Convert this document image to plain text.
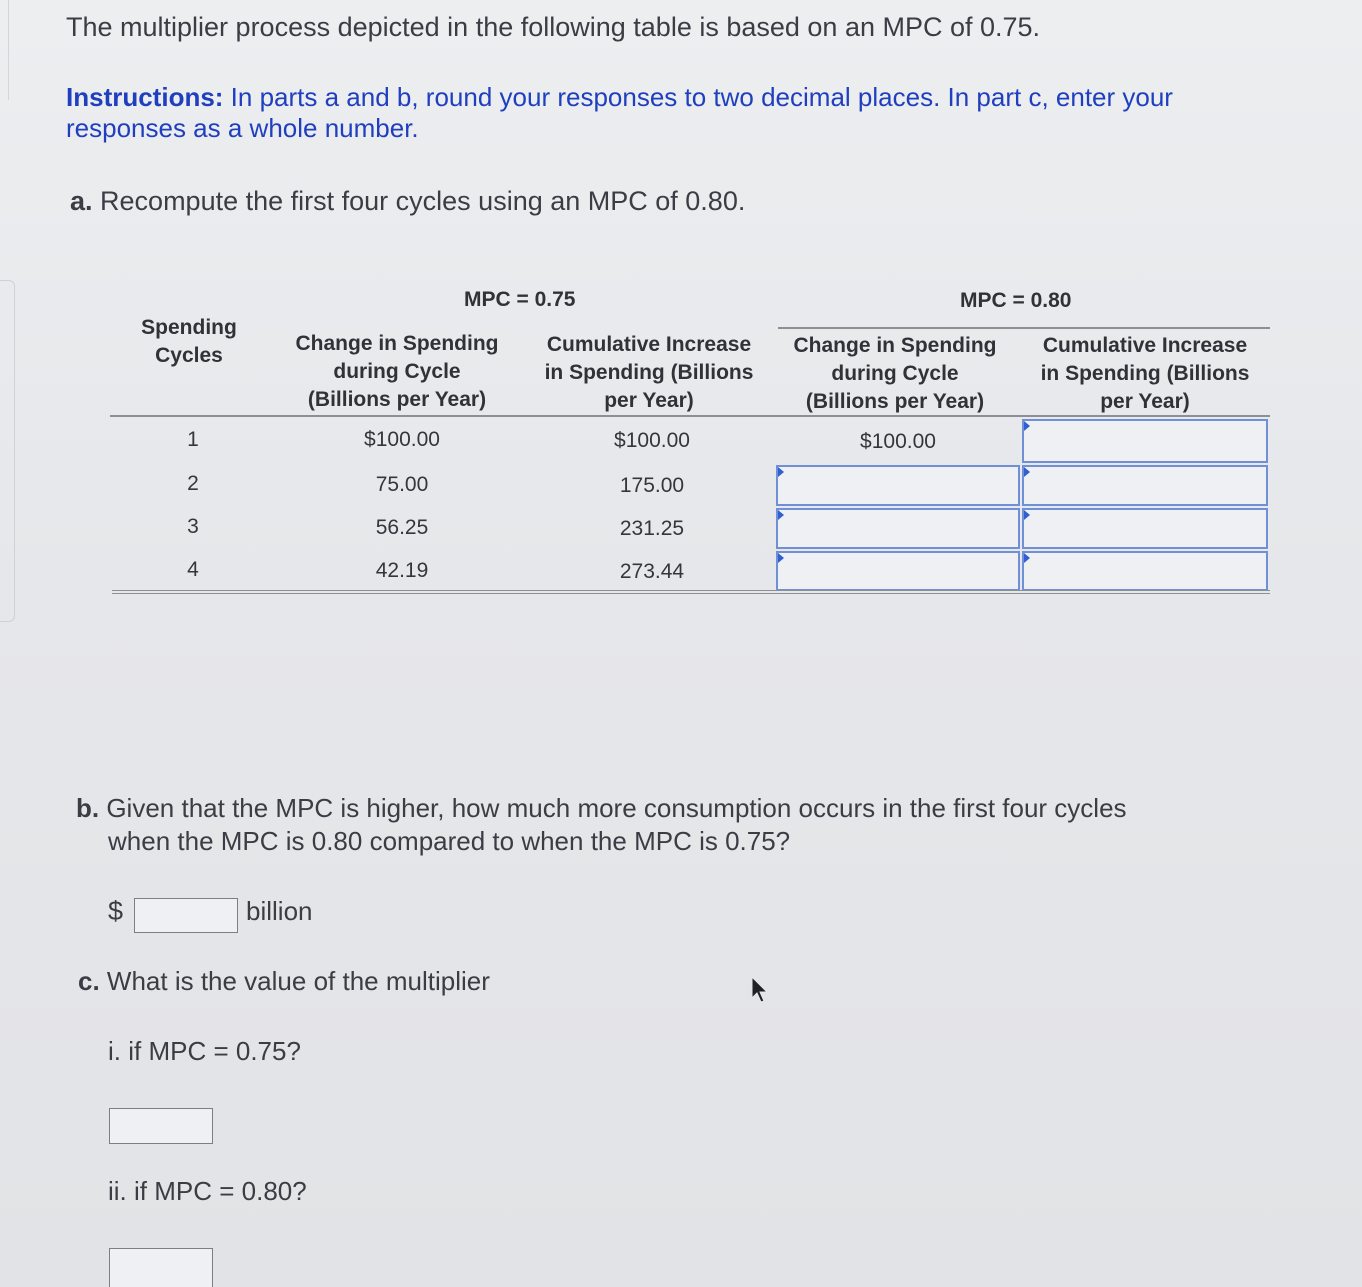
The multiplier process depicted in the following table is based on an MPC of 0.75.
Instructions: In parts a and b, round your responses to two decimal places. In part c, enter your responses as a whole number.
a. Recompute the first four cycles using an MPC of 0.80.
MPC = 0.75	MPC = 0.80
Spending
Cycles
Change in Spending
during Cycle
(Billions per Year)
Cumulative Increase
in Spending (Billions
per Year)
Change in Spending
during Cycle
(Billions per Year)
Cumulative Increase
in Spending (Billions
per Year)
1	$100.00	$100.00	$100.00
2	75.00	175.00
3	56.25	231.25
4	42.19	273.44
b. Given that the MPC is higher, how much more consumption occurs in the first four cycles
when the MPC is 0.80 compared to when the MPC is 0.75?
$	billion
c. What is the value of the multiplier
i. if MPC = 0.75?
ii. if MPC = 0.80?
